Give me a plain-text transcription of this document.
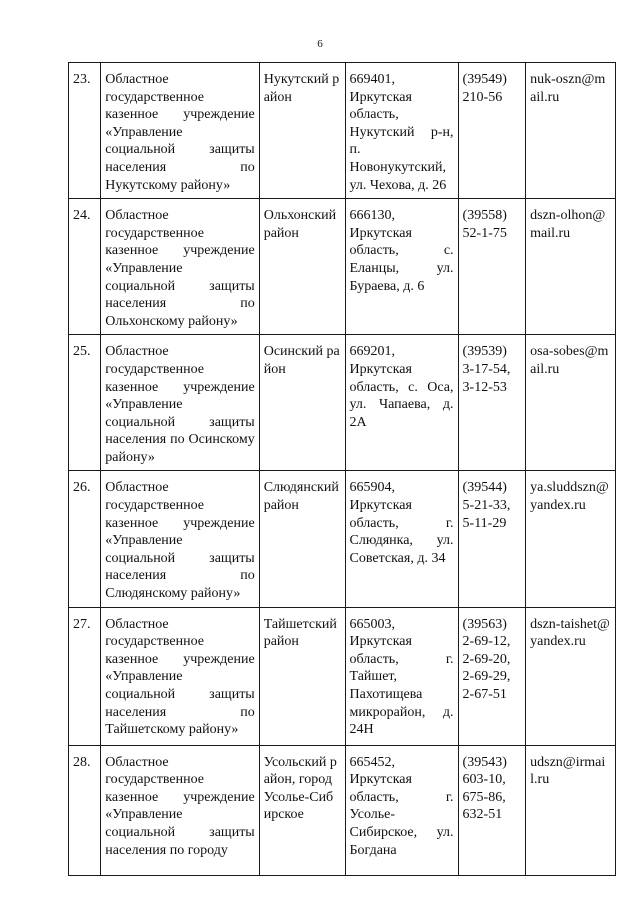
6
23.	Областное государственное казенное учреждение «Управление социальной защиты населения по Нукутскому району»	Нукутский район	669401, Иркутская область, Нукутский р-н, п. Новонукутский, ул. Чехова, д. 26	(39549) 210-56	nuk-oszn@mail.ru
24.	Областное государственное казенное учреждение «Управление социальной защиты населения по Ольхонскому району»	Ольхонский район	666130, Иркутская область, с. Еланцы, ул. Бураева, д. 6	(39558) 52-1-75	dszn-olhon@mail.ru
25.	Областное государственное казенное учреждение «Управление социальной защиты населения по Осинскому району»	Осинский район	669201, Иркутская область, с. Оса, ул. Чапаева, д. 2А	(39539) 3-17-54, 3-12-53	osa-sobes@mail.ru
26.	Областное государственное казенное учреждение «Управление социальной защиты населения по Слюдянскому району»	Слюдянский район	665904, Иркутская область, г. Слюдянка, ул. Советская, д. 34	(39544) 5-21-33, 5-11-29	ya.sluddszn@yandex.ru
27.	Областное государственное казенное учреждение «Управление социальной защиты населения по Тайшетскому району»	Тайшетский район	665003, Иркутская область, г. Тайшет, Пахотищева микрорайон, д. 24Н	(39563) 2-69-12, 2-69-20, 2-69-29, 2-67-51	dszn-taishet@yandex.ru
28.	Областное государственное казенное учреждение «Управление социальной защиты населения по городу	Усольский район, город Усолье-Сибирское	665452, Иркутская область, г. Усолье-Сибирское, ул. Богдана	(39543) 603-10, 675-86, 632-51	udszn@irmail.ru
